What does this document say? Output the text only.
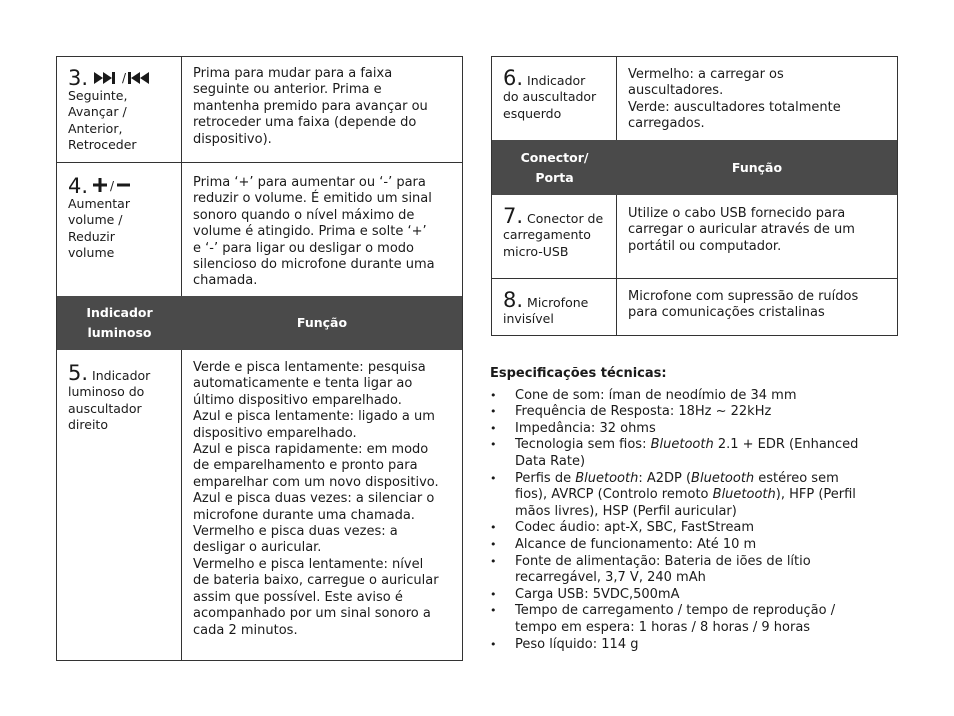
3.	/
Seguinte,
Avançar /
Anterior,
Retroceder
Prima para mudar para a faixa
seguinte ou anterior. Prima e
mantenha premido para avançar ou
retroceder uma faixa (depende do
dispositivo).
4. /
Aumentar
volume /
Reduzir
volume
Prima ‘+’ para aumentar ou ‘-’ para
reduzir o volume. É emitido um sinal
sonoro quando o nível máximo de
volume é atingido. Prima e solte ‘+’
e ‘-’ para ligar ou desligar o modo
silencioso do microfone durante uma
chamada.
Indicador
luminoso
Função
5. Indicador
luminoso do
auscultador
direito
Verde e pisca lentamente: pesquisa
automaticamente e tenta ligar ao
último dispositivo emparelhado.
Azul e pisca lentamente: ligado a um
dispositivo emparelhado.
Azul e pisca rapidamente: em modo
de emparelhamento e pronto para
emparelhar com um novo dispositivo.
Azul e pisca duas vezes: a silenciar o
microfone durante uma chamada.
Vermelho e pisca duas vezes: a
desligar o auricular.
Vermelho e pisca lentamente: nível
de bateria baixo, carregue o auricular
assim que possível. Este aviso é
acompanhado por um sinal sonoro a
cada 2 minutos.
6. Indicador
do auscultador
esquerdo
Vermelho: a carregar os
auscultadores.
Verde: auscultadores totalmente
carregados.
Conector/
Porta
Função
7. Conector de
carregamento
micro-USB
Utilize o cabo USB fornecido para
carregar o auricular através de um
portátil ou computador.
8. Microfone
invisível
Microfone com supressão de ruídos
para comunicações cristalinas
Especificações técnicas:
• Cone de som: íman de neodímio de 34 mm
• Frequência de Resposta: 18Hz ~ 22kHz
• Impedância: 32 ohms
• Tecnologia sem fios: Bluetooth 2.1 + EDR (Enhanced
Data Rate)
• Perfis de Bluetooth: A2DP (Bluetooth estéreo sem
fios), AVRCP (Controlo remoto Bluetooth), HFP (Perfil
mãos livres), HSP (Perfil auricular)
• Codec áudio: apt-X, SBC, FastStream
• Alcance de funcionamento: Até 10 m
• Fonte de alimentação: Bateria de iões de lítio
recarregável, 3,7 V, 240 mAh
• Carga USB: 5VDC,500mA
• Tempo de carregamento / tempo de reprodução /
tempo em espera: 1 horas / 8 horas / 9 horas
• Peso líquido: 114 g
